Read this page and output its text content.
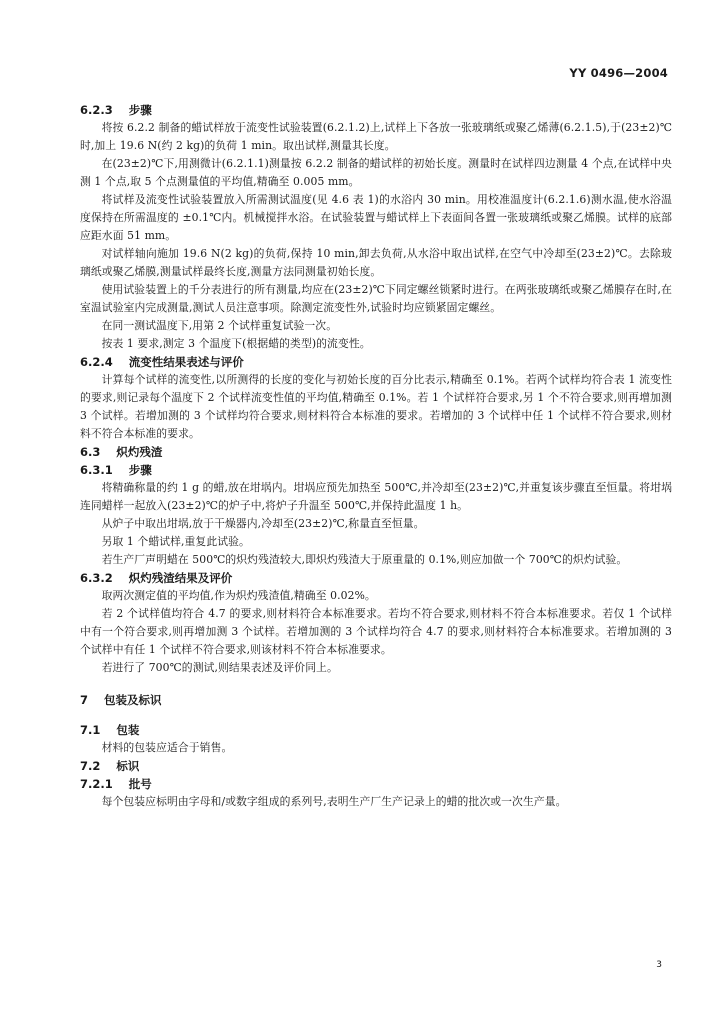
YY 0496—2004
6.2.3 步骤
将按 6.2.2 制备的蜡试样放于流变性试验装置(6.2.1.2)上,试样上下各放一张玻璃纸或聚乙烯薄(6.2.1.5),于(23±2)℃时,加上 19.6 N(约 2 kg)的负荷 1 min。取出试样,测量其长度。
在(23±2)℃下,用测微计(6.2.1.1)测量按 6.2.2 制备的蜡试样的初始长度。测量时在试样四边测量 4 个点,在试样中央测 1 个点,取 5 个点测量值的平均值,精确至 0.005 mm。
将试样及流变性试验装置放入所需测试温度(见 4.6 表 1)的水浴内 30 min。用校准温度计(6.2.1.6)测水温,使水浴温度保持在所需温度的 ±0.1℃内。机械搅拌水浴。在试验装置与蜡试样上下表面间各置一张玻璃纸或聚乙烯膜。试样的底部应距水面 51 mm。
对试样轴向施加 19.6 N(2 kg)的负荷,保持 10 min,卸去负荷,从水浴中取出试样,在空气中冷却至(23±2)℃。去除玻璃纸或聚乙烯膜,测量试样最终长度,测量方法同测量初始长度。
使用试验装置上的千分表进行的所有测量,均应在(23±2)℃下同定螺丝锁紧时进行。在两张玻璃纸或聚乙烯膜存在时,在室温试验室内完成测量,测试人员注意事项。除测定流变性外,试验时均应锁紧固定螺丝。
在同一测试温度下,用第 2 个试样重复试验一次。
按表 1 要求,测定 3 个温度下(根据蜡的类型)的流变性。
6.2.4 流变性结果表述与评价
计算每个试样的流变性,以所测得的长度的变化与初始长度的百分比表示,精确至 0.1%。若两个试样均符合表 1 流变性的要求,则记录每个温度下 2 个试样流变性值的平均值,精确至 0.1%。若 1 个试样符合要求,另 1 个不符合要求,则再增加测 3 个试样。若增加测的 3 个试样均符合要求,则材料符合本标准的要求。若增加的 3 个试样中任 1 个试样不符合要求,则材料不符合本标准的要求。
6.3 炽灼残渣
6.3.1 步骤
将精确称量的约 1 g 的蜡,放在坩埚内。坩埚应预先加热至 500℃,并冷却至(23±2)℃,并重复该步骤直至恒量。将坩埚连同蜡样一起放入(23±2)℃的炉子中,将炉子升温至 500℃,并保持此温度 1 h。
从炉子中取出坩埚,放于干燥器内,冷却至(23±2)℃,称量直至恒量。
另取 1 个蜡试样,重复此试验。
若生产厂声明蜡在 500℃的炽灼残渣较大,即炽灼残渣大于原重量的 0.1%,则应加做一个 700℃的炽灼试验。
6.3.2 炽灼残渣结果及评价
取两次测定值的平均值,作为炽灼残渣值,精确至 0.02%。
若 2 个试样值均符合 4.7 的要求,则材料符合本标准要求。若均不符合要求,则材料不符合本标准要求。若仅 1 个试样中有一个符合要求,则再增加测 3 个试样。若增加测的 3 个试样均符合 4.7 的要求,则材料符合本标准要求。若增加测的 3 个试样中有任 1 个试样不符合要求,则该材料不符合本标准要求。
若进行了 700℃的测试,则结果表述及评价同上。
7 包装及标识
7.1 包装
材料的包装应适合于销售。
7.2 标识
7.2.1 批号
每个包装应标明由字母和/或数字组成的系列号,表明生产厂生产记录上的蜡的批次或一次生产量。
3
